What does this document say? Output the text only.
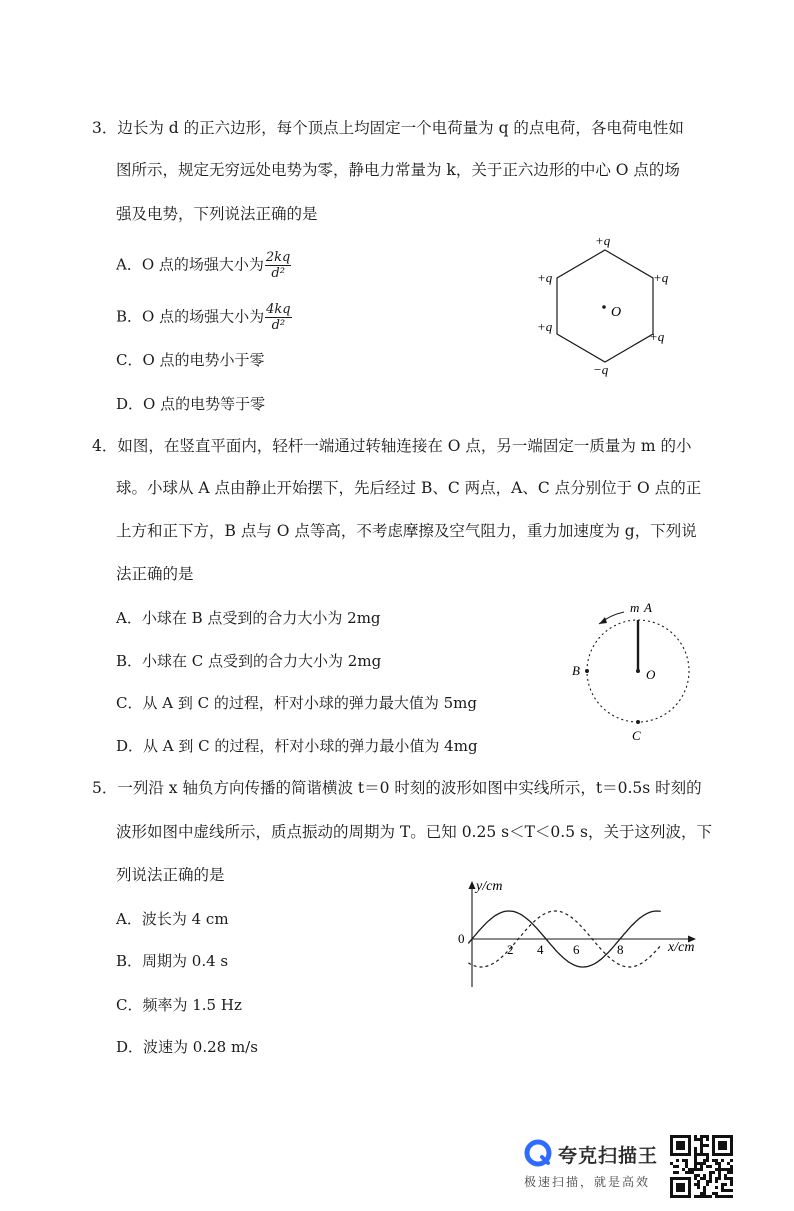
3．边长为 d 的正六边形，每个顶点上均固定一个电荷量为 q 的点电荷，各电荷电性如
图所示，规定无穷远处电势为零，静电力常量为 k，关于正六边形的中心 O 点的场
强及电势，下列说法正确的是
A．O 点的场强大小为 $\frac{2kq}{\text{d²}}$
B．O 点的场强大小为 $\frac{4kq}{\text{d²}}$
C．O 点的电势小于零
D．O 点的电势等于零
O
+q
+q	+q
+q
+q
−q
4．如图，在竖直平面内，轻杆一端通过转轴连接在 O 点，另一端固定一质量为 m 的小
球。小球从 A 点由静止开始摆下，先后经过 B、C 两点，A、C 点分别位于 O 点的正
上方和正下方，B 点与 O 点等高，不考虑摩擦及空气阻力，重力加速度为 g，下列说
法正确的是
A．小球在 B 点受到的合力大小为 2mg
B．小球在 C 点受到的合力大小为 2mg
C．从 A 到 C 的过程，杆对小球的弹力最大值为 5mg
D．从 A 到 C 的过程，杆对小球的弹力最小值为 4mg
m A
B	O
C
5．一列沿 x 轴负方向传播的简谐横波 t＝0 时刻的波形如图中实线所示，t＝0.5s 时刻的
波形如图中虚线所示，质点振动的周期为 T。已知 0.25 s＜T＜0.5 s，关于这列波，下
列说法正确的是
A．波长为 4 cm
B．周期为 0.4 s
C．频率为 1.5 Hz
D．波速为 0.28 m/s
y/cm
x/cm
0
2 4 6	8
夸克扫描王
极速扫描，就是高效
